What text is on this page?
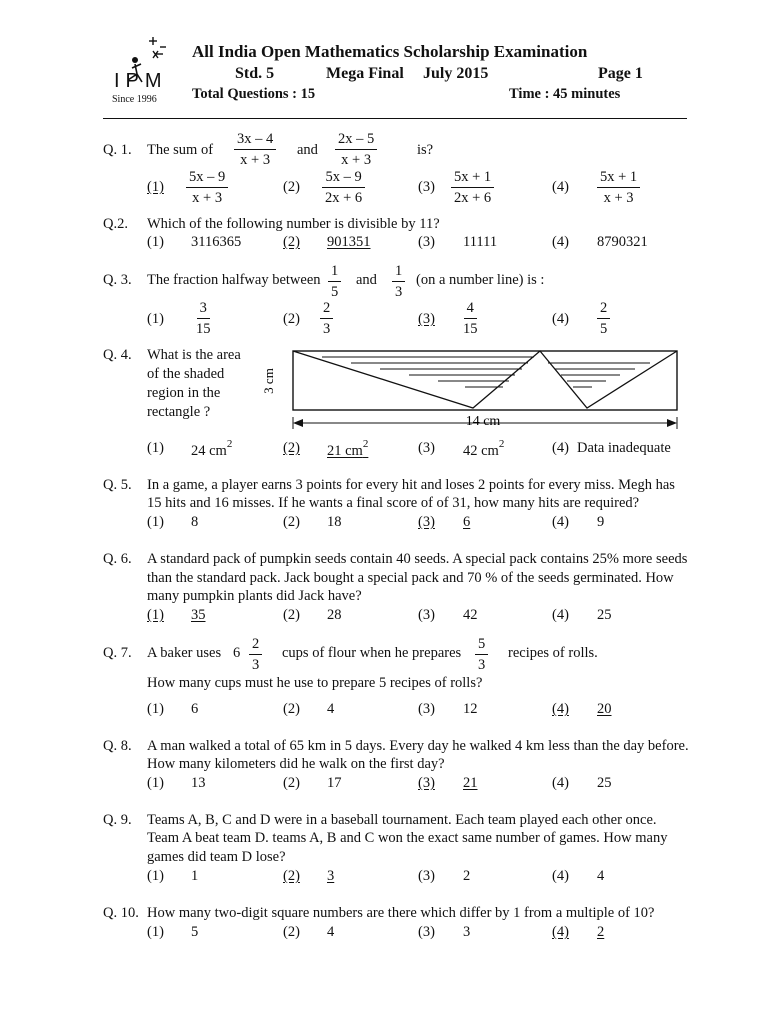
IPM
Since 1996
All India Open Mathematics Scholarship Examination
Std. 5	Mega Final July 2015	Page 1
Total Questions : 15	Time : 45 minutes
Q. 1. The sum of $\frac{3x - 4}{x + 3}$ and $\frac{2x - 5}{x + 3}$	is?
$(1) \frac{5x - 9}{x + 3}$	$(2) \frac{5x - 9}{2x + 6}$	$(3) \frac{5x + 1}{2x + 6}$	$(4) \frac{5x + 1}{x + 3}$
Q.2. Which of the following number is divisible by 11?
(1) 3116365	(2) 901351	(3) 11111	(4) 8790321
Q. 3. The fraction halfway between $\frac{1}{5}$ and $\frac{1}{3} (on$ a number line) is :
$(1) \frac{3}{15}$	$(2) \frac{2}{3}$	$(3) \frac{4}{15}$	$(4) \frac{2}{5}$
Q. 4. What is the area
of the shaded
region in the
rectangle ?
3 cm
14 cm
(1) 24 $cm^2$	(2) 21 $cm^2$	(3) 42 $cm^2$	(4) Data inadequate
Q. 5. In a game, a player earns 3 points for every hit and loses 2 points for every miss. Megh has
15 hits and 16 misses. If he wants a final score of of 31, how many hits are required?
(1) 8	(2) 18	(3) 6	(4) 9
Q. 6. A standard pack of pumpkin seeds contain 40 seeds. A special pack contains 25% more seeds
than the standard pack. Jack bought a special pack and 70 % of the seeds germinated. How
many pumpkin plants did Jack have?
(1) 35	(2) 28	(3) 42	(4) 25
Q. 7. A baker uses $6 \frac{2}{3}$ cups of flour when he prepares $\frac{5}{3}$ recipes of rolls.
How many cups must he use to prepare 5 recipes of rolls?
(1) 6	(2) 4	(3) 12	(4) 20
Q. 8. A man walked a total of 65 km in 5 days. Every day he walked 4 km less than the day before.
How many kilometers did he walk on the first day?
(1) 13	(2) 17	(3) 21	(4) 25
Q. 9. Teams A, B, C and D were in a baseball tournament. Each team played each other once.
Team A beat team D. teams A, B and C won the exact same number of games. How many
games did team D lose?
(1) 1	(2) 3	(3) 2	(4) 4
Q. 10. How many two-digit square numbers are there which differ by 1 from a multiple of 10?
(1) 5	(2) 4	(3) 3	(4) 2
